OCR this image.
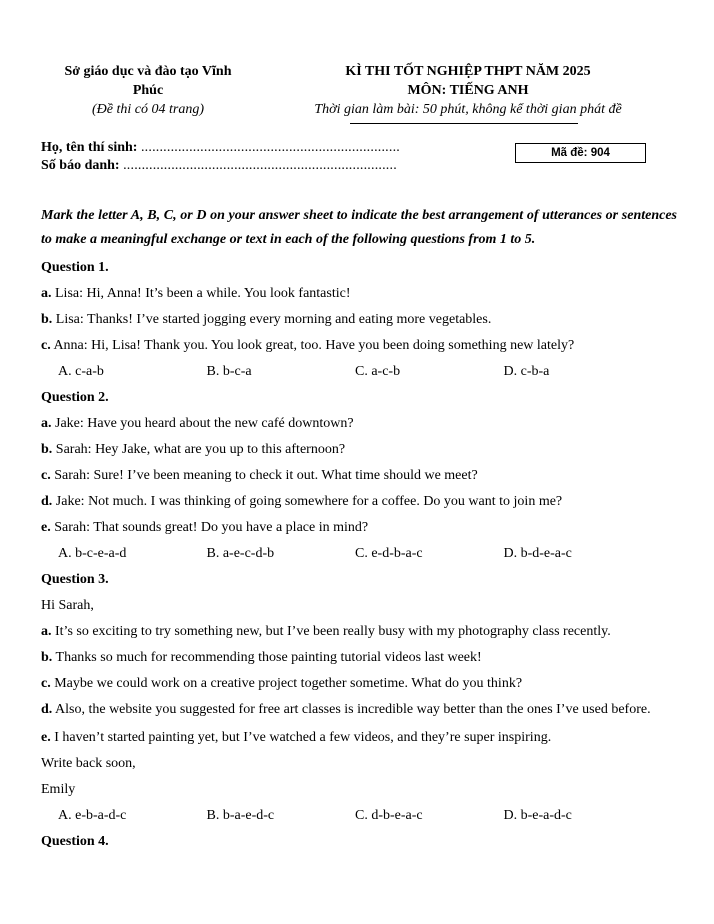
Sở giáo dục và đào tạo Vĩnh
Phúc
(Đề thi có 04 trang)
KÌ THI TỐT NGHIỆP THPT NĂM 2025
MÔN: TIẾNG ANH
Thời gian làm bài: 50 phút, không kể thời gian phát đề
Họ, tên thí sinh: ......................................................................
Số báo danh: ..........................................................................
Mã đề: 904
Mark the letter A, B, C, or D on your answer sheet to indicate the best arrangement of utterances or sentences to make a meaningful exchange or text in each of the following questions from 1 to 5.
Question 1.
a. Lisa: Hi, Anna! It’s been a while. You look fantastic!
b. Lisa: Thanks! I’ve started jogging every morning and eating more vegetables.
c. Anna: Hi, Lisa! Thank you. You look great, too. Have you been doing something new lately?
A. c-a-b	B. b-c-a	C. a-c-b	D. c-b-a
Question 2.
a. Jake: Have you heard about the new café downtown?
b. Sarah: Hey Jake, what are you up to this afternoon?
c. Sarah: Sure! I’ve been meaning to check it out. What time should we meet?
d. Jake: Not much. I was thinking of going somewhere for a coffee. Do you want to join me?
e. Sarah: That sounds great! Do you have a place in mind?
A. b-c-e-a-d	B. a-e-c-d-b	C. e-d-b-a-c	D. b-d-e-a-c
Question 3.
Hi Sarah,
a. It’s so exciting to try something new, but I’ve been really busy with my photography class recently.
b. Thanks so much for recommending those painting tutorial videos last week!
c. Maybe we could work on a creative project together sometime. What do you think?
d. Also, the website you suggested for free art classes is incredible way better than the ones I’ve used before.
e. I haven’t started painting yet, but I’ve watched a few videos, and they’re super inspiring.
Write back soon,
Emily
A. e-b-a-d-c	B. b-a-e-d-c	C. d-b-e-a-c	D. b-e-a-d-c
Question 4.
